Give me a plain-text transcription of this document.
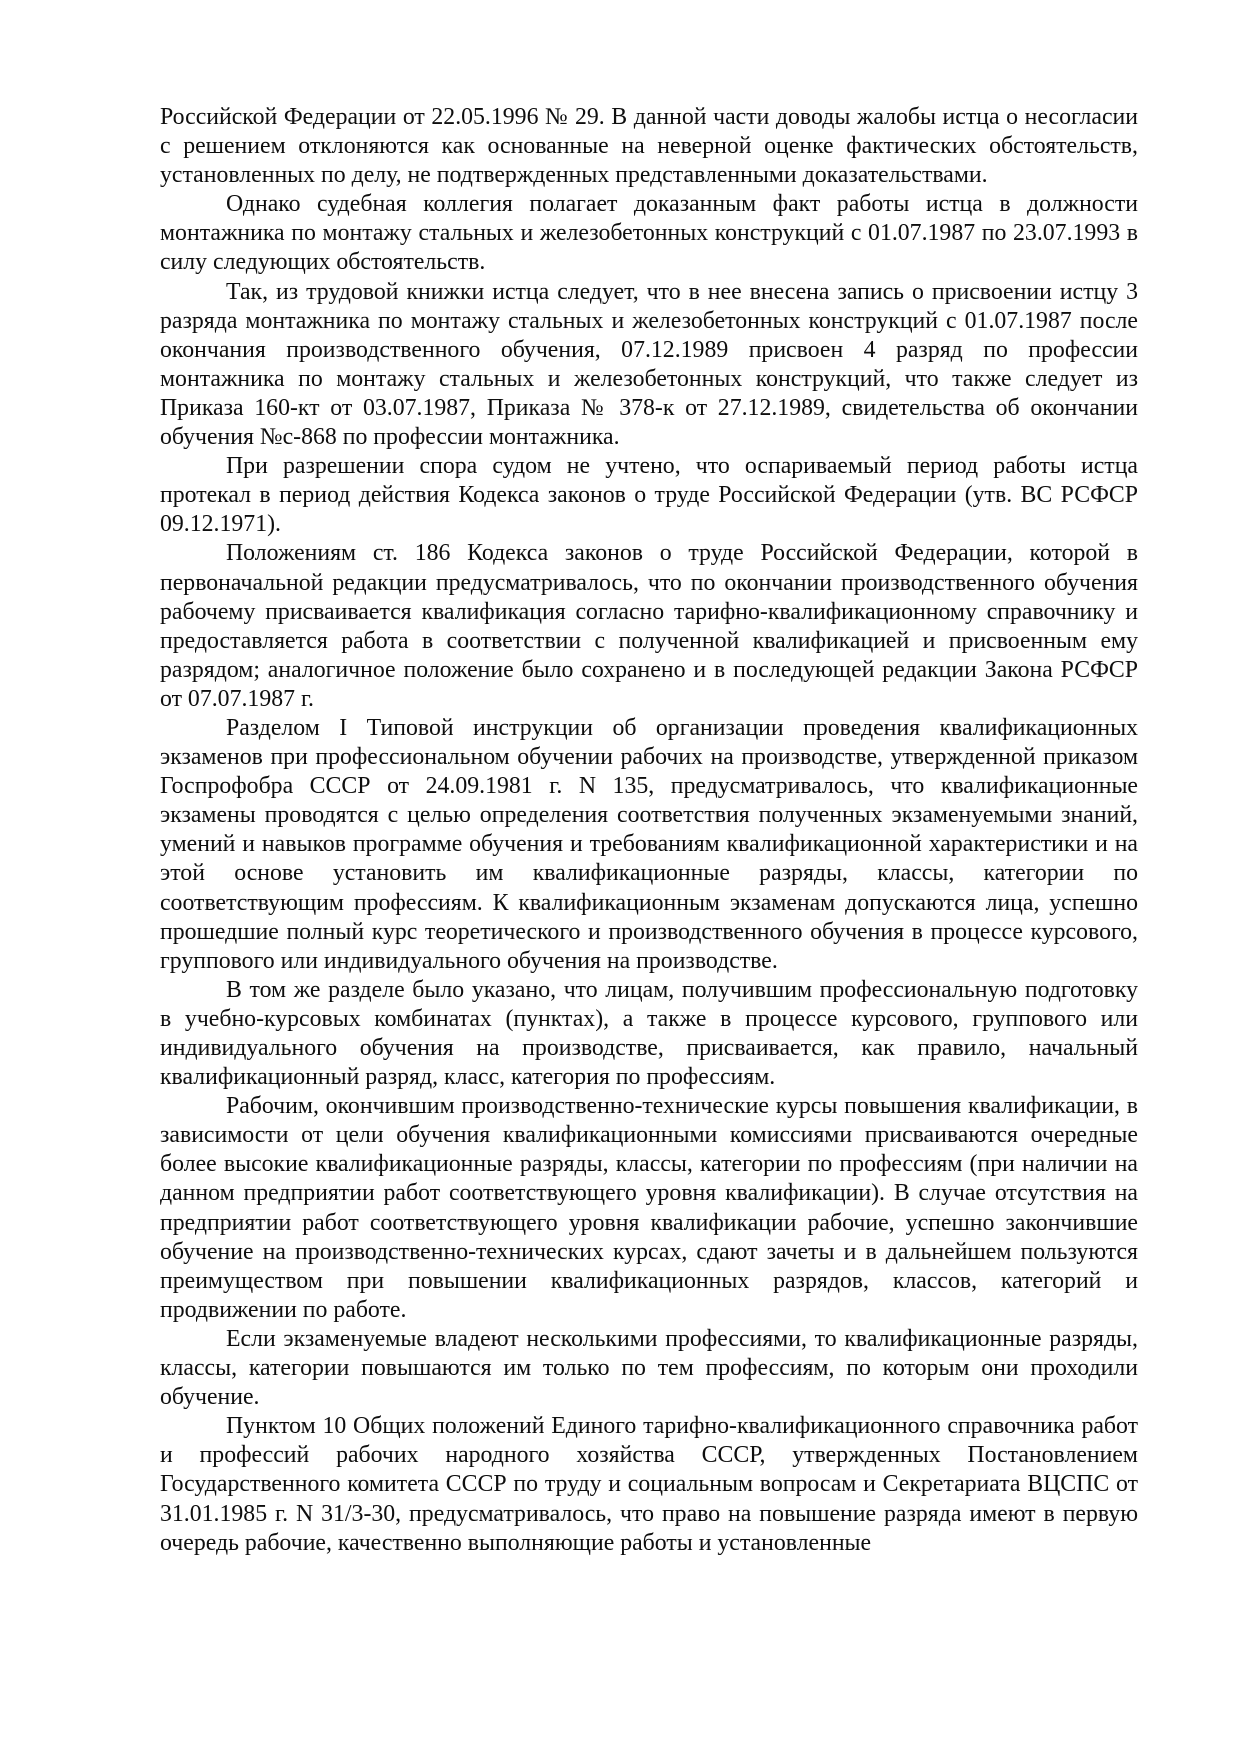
Российской Федерации от 22.05.1996 № 29. В данной части доводы жалобы истца о несогласии с решением отклоняются как основанные на неверной оценке фактических обстоятельств, установленных по делу, не подтвержденных представленными доказательствами.

Однако судебная коллегия полагает доказанным факт работы истца в должности монтажника по монтажу стальных и железобетонных конструкций с 01.07.1987 по 23.07.1993 в силу следующих обстоятельств.

Так, из трудовой книжки истца следует, что в нее внесена запись о присвоении истцу 3 разряда монтажника по монтажу стальных и железобетонных конструкций с 01.07.1987 после окончания производственного обучения, 07.12.1989 присвоен 4 разряд по профессии монтажника по монтажу стальных и железобетонных конструкций, что также следует из Приказа 160-кт от 03.07.1987, Приказа № 378-к от 27.12.1989, свидетельства об окончании обучения №с-868 по профессии монтажника.

При разрешении спора судом не учтено, что оспариваемый период работы истца протекал в период действия Кодекса законов о труде Российской Федерации (утв. ВС РСФСР 09.12.1971).

Положениям ст. 186 Кодекса законов о труде Российской Федерации, которой в первоначальной редакции предусматривалось, что по окончании производственного обучения рабочему присваивается квалификация согласно тарифно-квалификационному справочнику и предоставляется работа в соответствии с полученной квалификацией и присвоенным ему разрядом; аналогичное положение было сохранено и в последующей редакции Закона РСФСР от 07.07.1987 г.

Разделом I Типовой инструкции об организации проведения квалификационных экзаменов при профессиональном обучении рабочих на производстве, утвержденной приказом Госпрофобра СССР от 24.09.1981 г. N 135, предусматривалось, что квалификационные экзамены проводятся с целью определения соответствия полученных экзаменуемыми знаний, умений и навыков программе обучения и требованиям квалификационной характеристики и на этой основе установить им квалификационные разряды, классы, категории по соответствующим профессиям. К квалификационным экзаменам допускаются лица, успешно прошедшие полный курс теоретического и производственного обучения в процессе курсового, группового или индивидуального обучения на производстве.

В том же разделе было указано, что лицам, получившим профессиональную подготовку в учебно-курсовых комбинатах (пунктах), а также в процессе курсового, группового или индивидуального обучения на производстве, присваивается, как правило, начальный квалификационный разряд, класс, категория по профессиям.

Рабочим, окончившим производственно-технические курсы повышения квалификации, в зависимости от цели обучения квалификационными комиссиями присваиваются очередные более высокие квалификационные разряды, классы, категории по профессиям (при наличии на данном предприятии работ соответствующего уровня квалификации). В случае отсутствия на предприятии работ соответствующего уровня квалификации рабочие, успешно закончившие обучение на производственно-технических курсах, сдают зачеты и в дальнейшем пользуются преимуществом при повышении квалификационных разрядов, классов, категорий и продвижении по работе.

Если экзаменуемые владеют несколькими профессиями, то квалификационные разряды, классы, категории повышаются им только по тем профессиям, по которым они проходили обучение.

Пунктом 10 Общих положений Единого тарифно-квалификационного справочника работ и профессий рабочих народного хозяйства СССР, утвержденных Постановлением Государственного комитета СССР по труду и социальным вопросам и Секретариата ВЦСПС от 31.01.1985 г. N 31/3-30, предусматривалось, что право на повышение разряда имеют в первую очередь рабочие, качественно выполняющие работы и установленные
